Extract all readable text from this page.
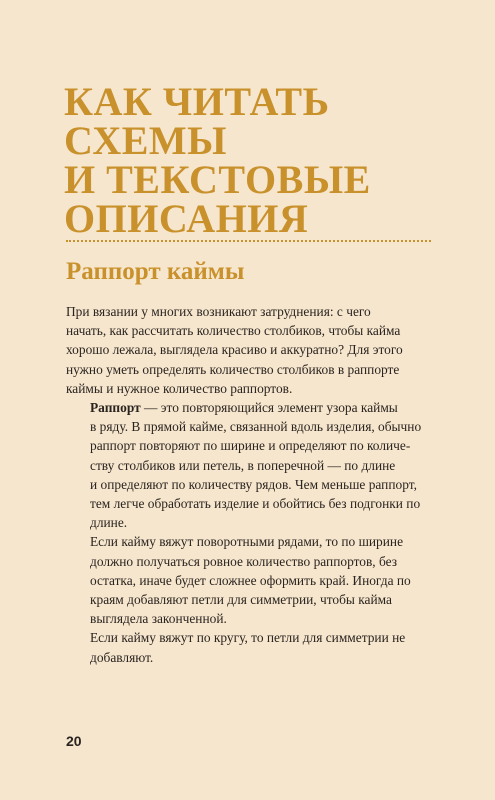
КАК ЧИТАТЬ
СХЕМЫ
И ТЕКСТОВЫЕ
ОПИСАНИЯ
Раппорт каймы

При вязании у многих возникают затруднения: с чего
начать, как рассчитать количество столбиков, чтобы кайма
хорошо лежала, выглядела красиво и аккуратно? Для этого
нужно уметь определять количество столбиков в раппорте
каймы и нужное количество раппортов.

Раппорт — это повторяющийся элемент узора каймы
в ряду. В прямой кайме, связанной вдоль изделия, обычно
раппорт повторяют по ширине и определяют по количе-
ству столбиков или петель, в поперечной — по длине
и определяют по количеству рядов. Чем меньше раппорт,
тем легче обработать изделие и обойтись без подгонки по
длине.

Если кайму вяжут поворотными рядами, то по ширине
должно получаться ровное количество раппортов, без
остатка, иначе будет сложнее оформить край. Иногда по
краям добавляют петли для симметрии, чтобы кайма
выглядела законченной.

Если кайму вяжут по кругу, то петли для симметрии не
добавляют.

20
